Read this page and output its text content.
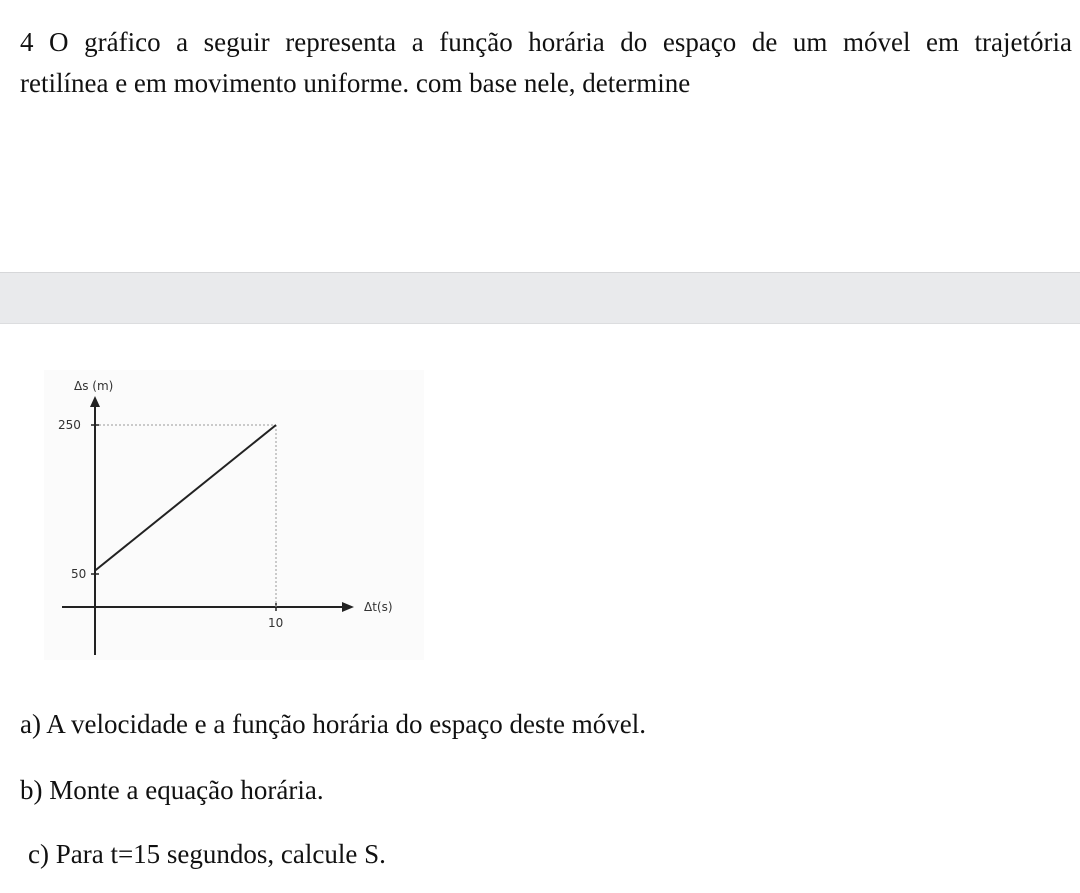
4 O gráfico a seguir representa a função horária do espaço de um móvel em trajetória
retilínea e em movimento uniforme. com base nele, determine
Δs (m)
Δt(s)
250
50
10
a) A velocidade e a função horária do espaço deste móvel.
b) Monte a equação horária.
c) Para t=15 segundos, calcule S.
